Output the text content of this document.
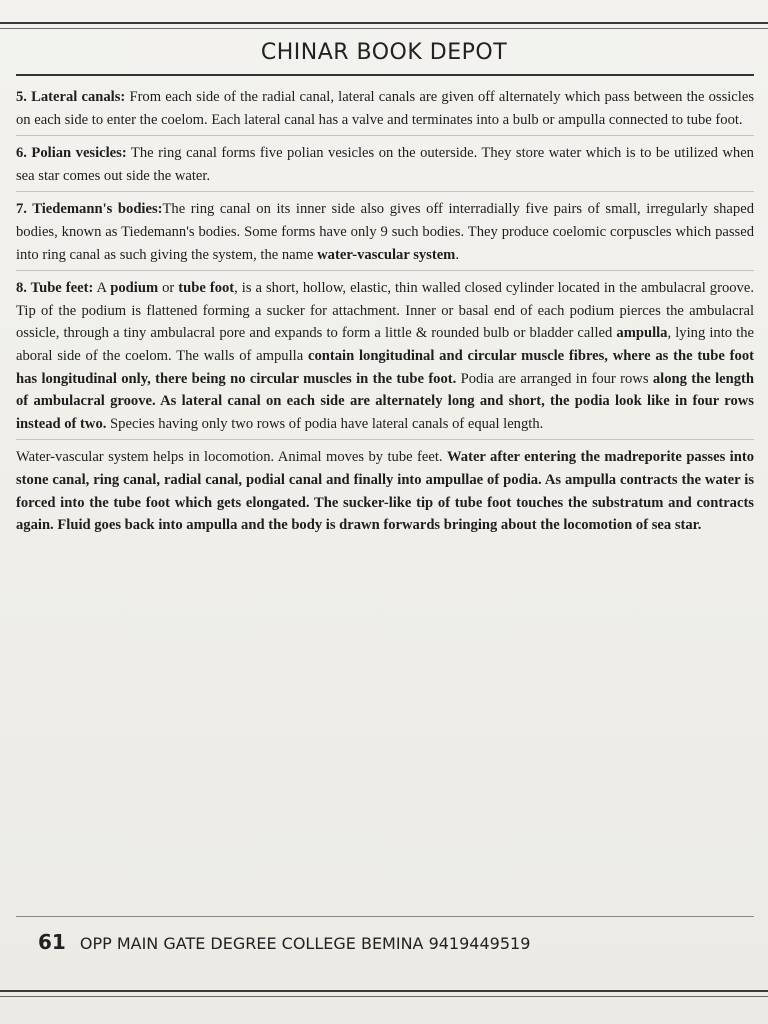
CHINAR BOOK DEPOT

5. Lateral canals: From each side of the radial canal, lateral canals are given off alternately which pass between the ossicles on each side to enter the coelom. Each lateral canal has a valve and terminates into a bulb or ampulla connected to tube foot.

6. Polian vesicles: The ring canal forms five polian vesicles on the outerside. They store water which is to be utilized when sea star comes out side the water.

7. Tiedemann's bodies:The ring canal on its inner side also gives off interradially five pairs of small, irregularly shaped bodies, known as Tiedemann's bodies. Some forms have only 9 such bodies. They produce coelomic corpuscles which passed into ring canal as such giving the system, the name water-vascular system.

8. Tube feet: A podium or tube foot, is a short, hollow, elastic, thin walled closed cylinder located in the ambulacral groove. Tip of the podium is flattened forming a sucker for attachment. Inner or basal end of each podium pierces the ambulacral ossicle, through a tiny ambulacral pore and expands to form a little & rounded bulb or bladder called ampulla, lying into the aboral side of the coelom. The walls of ampulla contain longitudinal and circular muscle fibres, where as the tube foot has longitudinal only, there being no circular muscles in the tube foot. Podia are arranged in four rows along the length of ambulacral groove. As lateral canal on each side are alternately long and short, the podia look like in four rows instead of two. Species having only two rows of podia have lateral canals of equal length.

Water-vascular system helps in locomotion. Animal moves by tube feet. Water after entering the madreporite passes into stone canal, ring canal, radial canal, podial canal and finally into ampullae of podia. As ampulla contracts the water is forced into the tube foot which gets elongated. The sucker-like tip of tube foot touches the substratum and contracts again. Fluid goes back into ampulla and the body is drawn forwards bringing about the locomotion of sea star.

61 OPP MAIN GATE DEGREE COLLEGE BEMINA 9419449519
